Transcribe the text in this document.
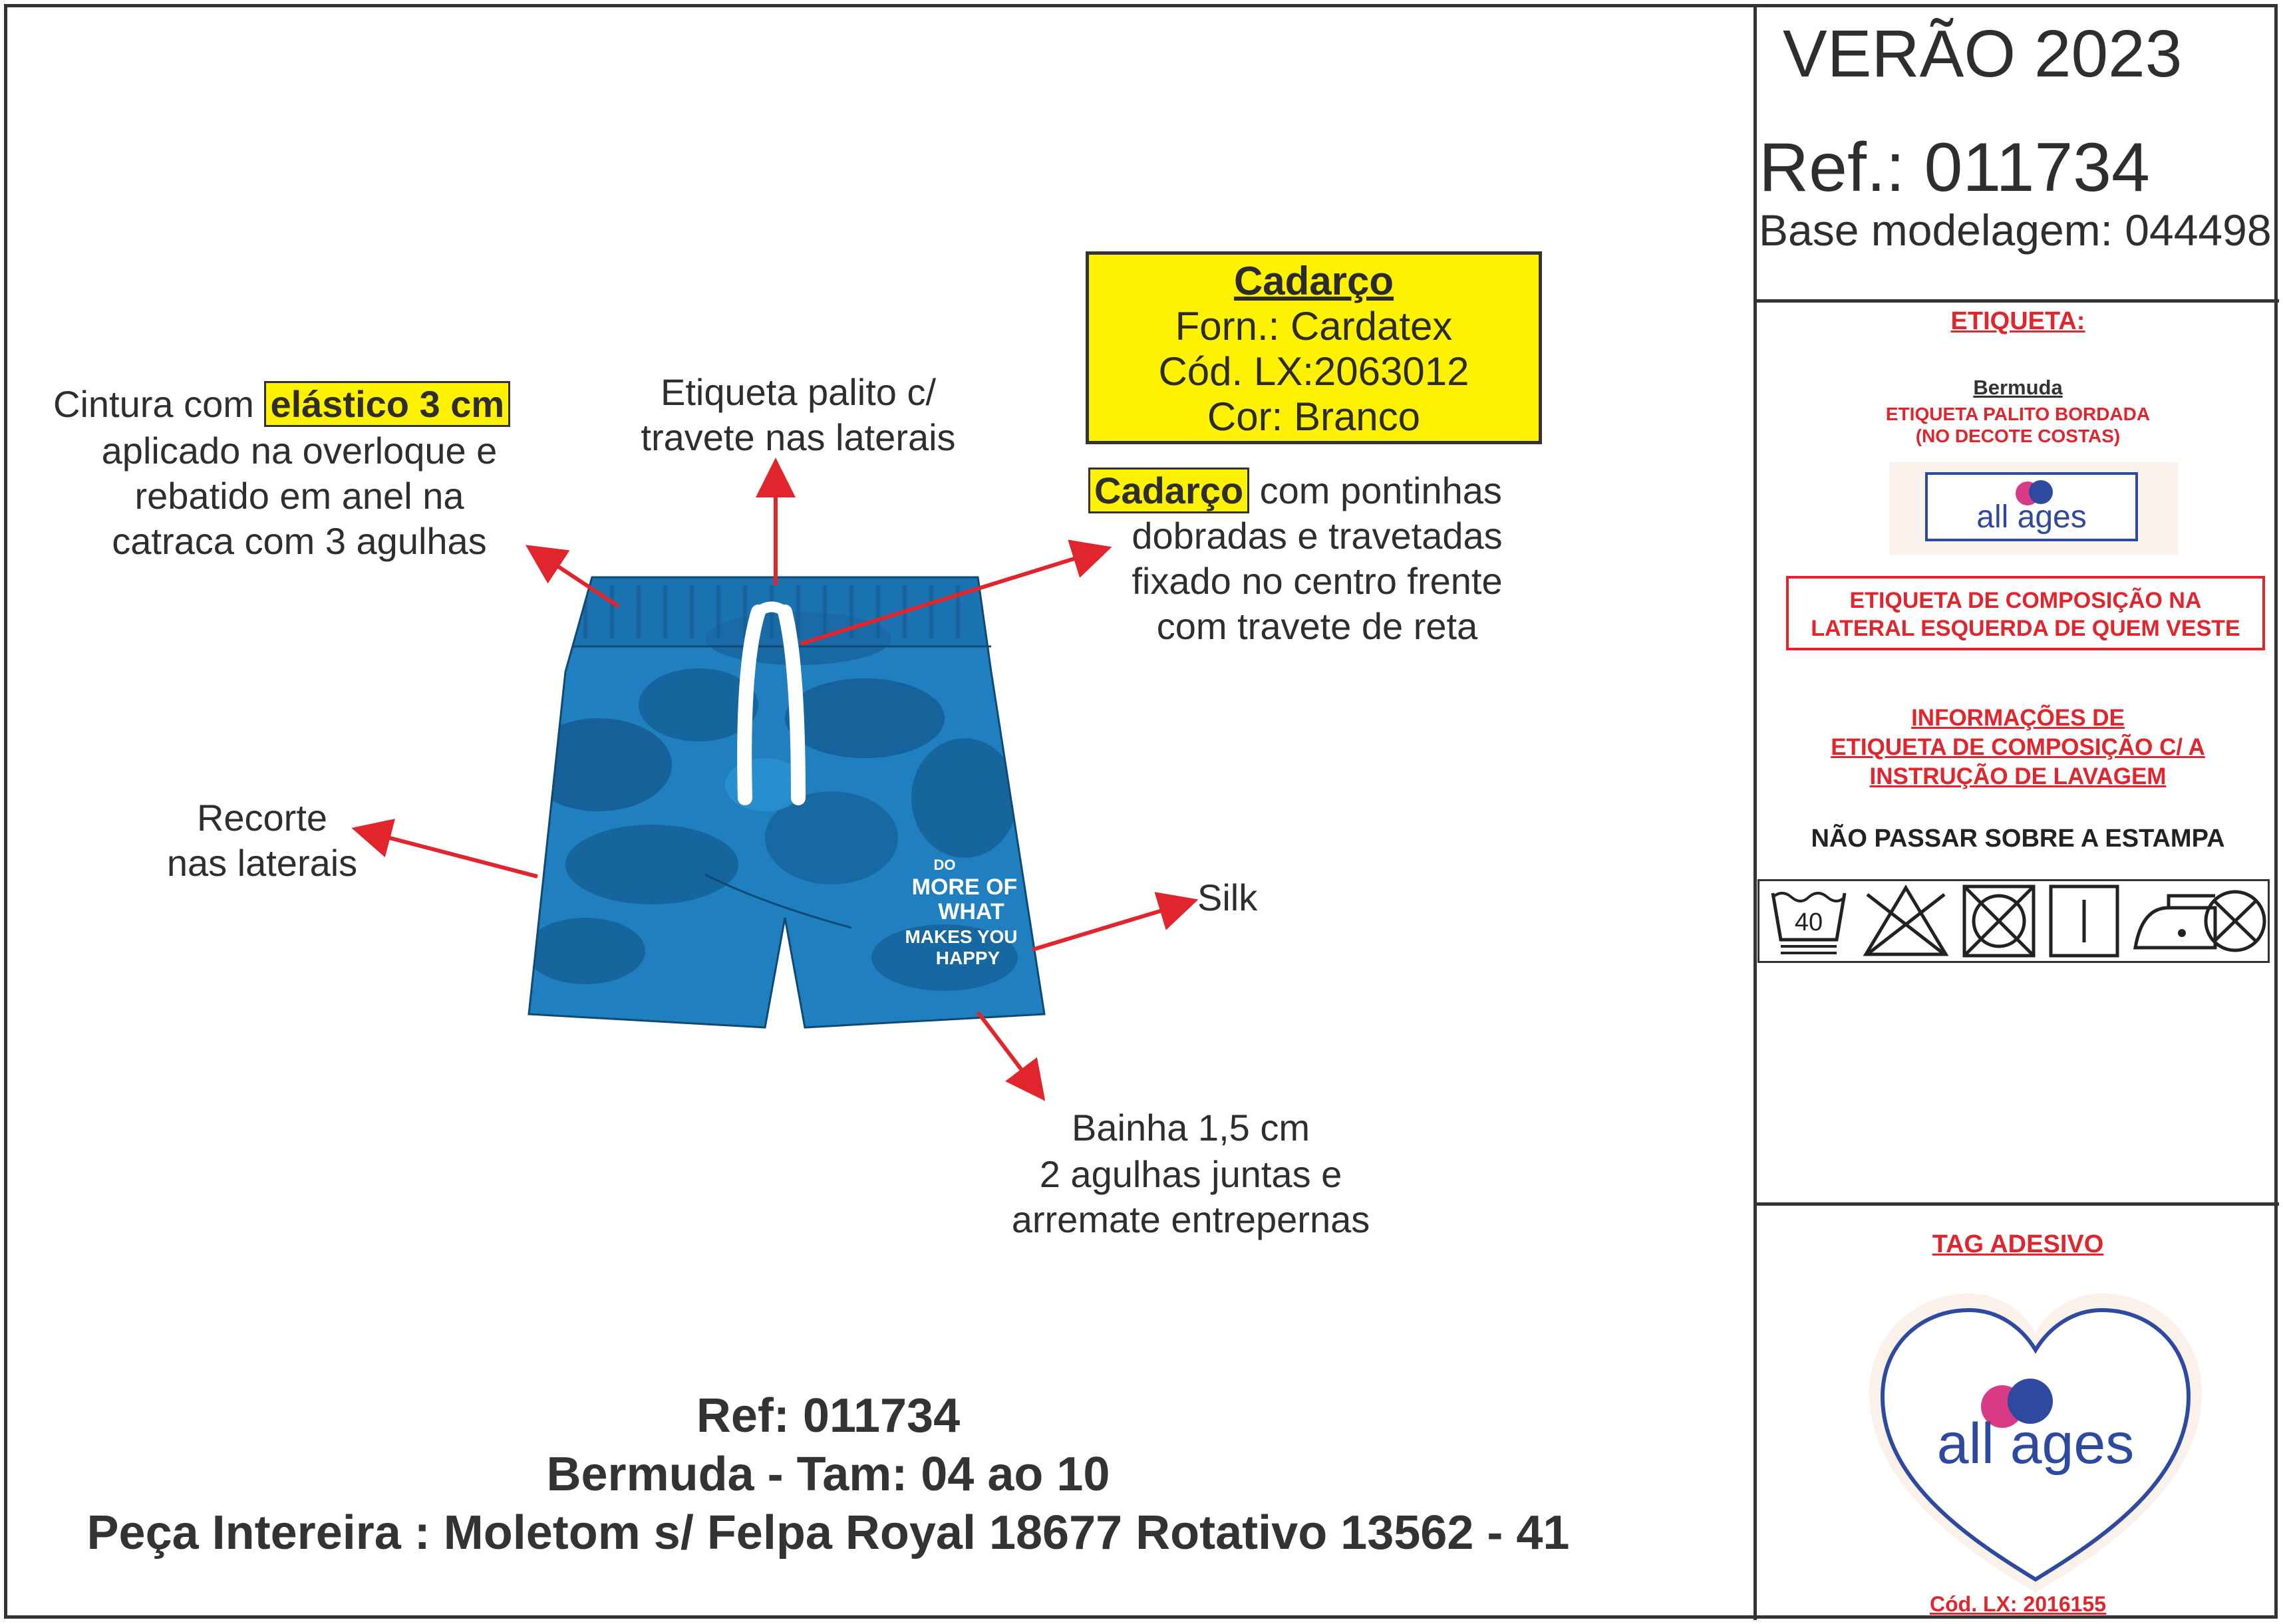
VERÃO 2023
Ref.: 011734
Base modelagem: 044498
ETIQUETA:
Bermuda
ETIQUETA PALITO BORDADA
(NO DECOTE COSTAS)
all ages
ETIQUETA DE COMPOSIÇÃO NA
LATERAL ESQUERDA DE QUEM VESTE
INFORMAÇÕES DE
ETIQUETA DE COMPOSIÇÃO C/ A
INSTRUÇÃO DE LAVAGEM
NÃO PASSAR SOBRE A ESTAMPA
40
TAG ADESIVO
all ages
Cód. LX: 2016155
Cadarço
Forn.: Cardatex
Cód. LX:2063012
Cor: Branco
Cintura com elástico 3 cm
aplicado na overloque e
rebatido em anel na
catraca com 3 agulhas
Etiqueta palito c/
travete nas laterais
Cadarço com pontinhas
dobradas e travetadas
fixado no centro frente
com travete de reta
Recorte
nas laterais
Silk
Bainha 1,5 cm
2 agulhas juntas e
arremate entrepernas
DO
MORE OF
WHAT
MAKES YOU
HAPPY
Ref: 011734
Bermuda - Tam: 04 ao 10
Peça Intereira : Moletom s/ Felpa Royal 18677 Rotativo 13562 - 41
